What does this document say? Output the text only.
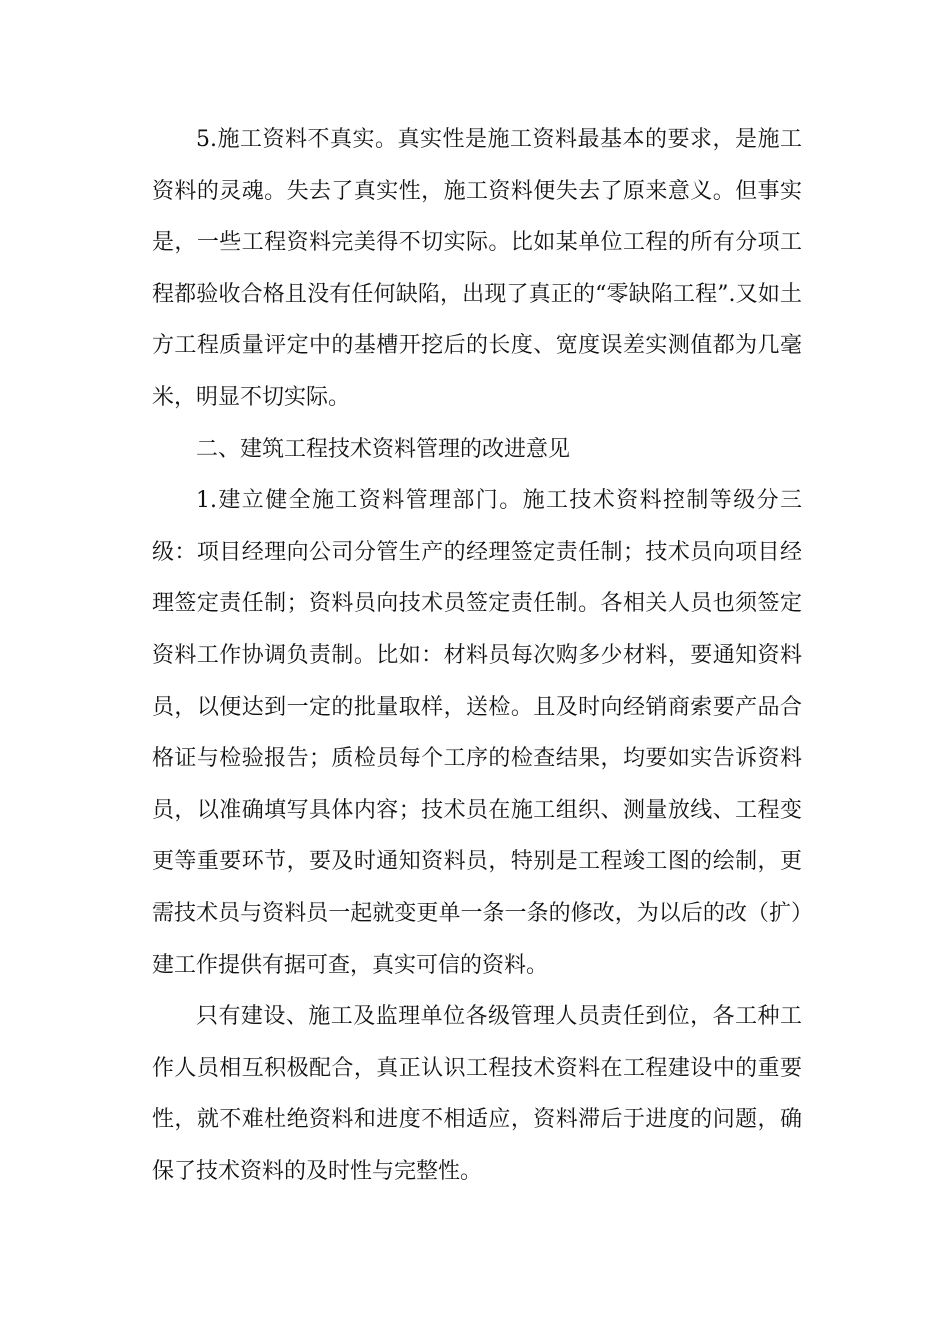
5.施工资料不真实。真实性是施工资料最基本的要求，是施工资料的灵魂。失去了真实性，施工资料便失去了原来意义。但事实是，一些工程资料完美得不切实际。比如某单位工程的所有分项工程都验收合格且没有任何缺陷，出现了真正的“零缺陷工程”.又如土方工程质量评定中的基槽开挖后的长度、宽度误差实测值都为几毫米，明显不切实际。

二、建筑工程技术资料管理的改进意见

1.建立健全施工资料管理部门。施工技术资料控制等级分三级：项目经理向公司分管生产的经理签定责任制；技术员向项目经理签定责任制；资料员向技术员签定责任制。各相关人员也须签定资料工作协调负责制。比如：材料员每次购多少材料，要通知资料员，以便达到一定的批量取样，送检。且及时向经销商索要产品合格证与检验报告；质检员每个工序的检查结果，均要如实告诉资料员，以准确填写具体内容；技术员在施工组织、测量放线、工程变更等重要环节，要及时通知资料员，特别是工程竣工图的绘制，更需技术员与资料员一起就变更单一条一条的修改，为以后的改（扩）建工作提供有据可查，真实可信的资料。

只有建设、施工及监理单位各级管理人员责任到位，各工种工作人员相互积极配合，真正认识工程技术资料在工程建设中的重要性，就不难杜绝资料和进度不相适应，资料滞后于进度的问题，确保了技术资料的及时性与完整性。
